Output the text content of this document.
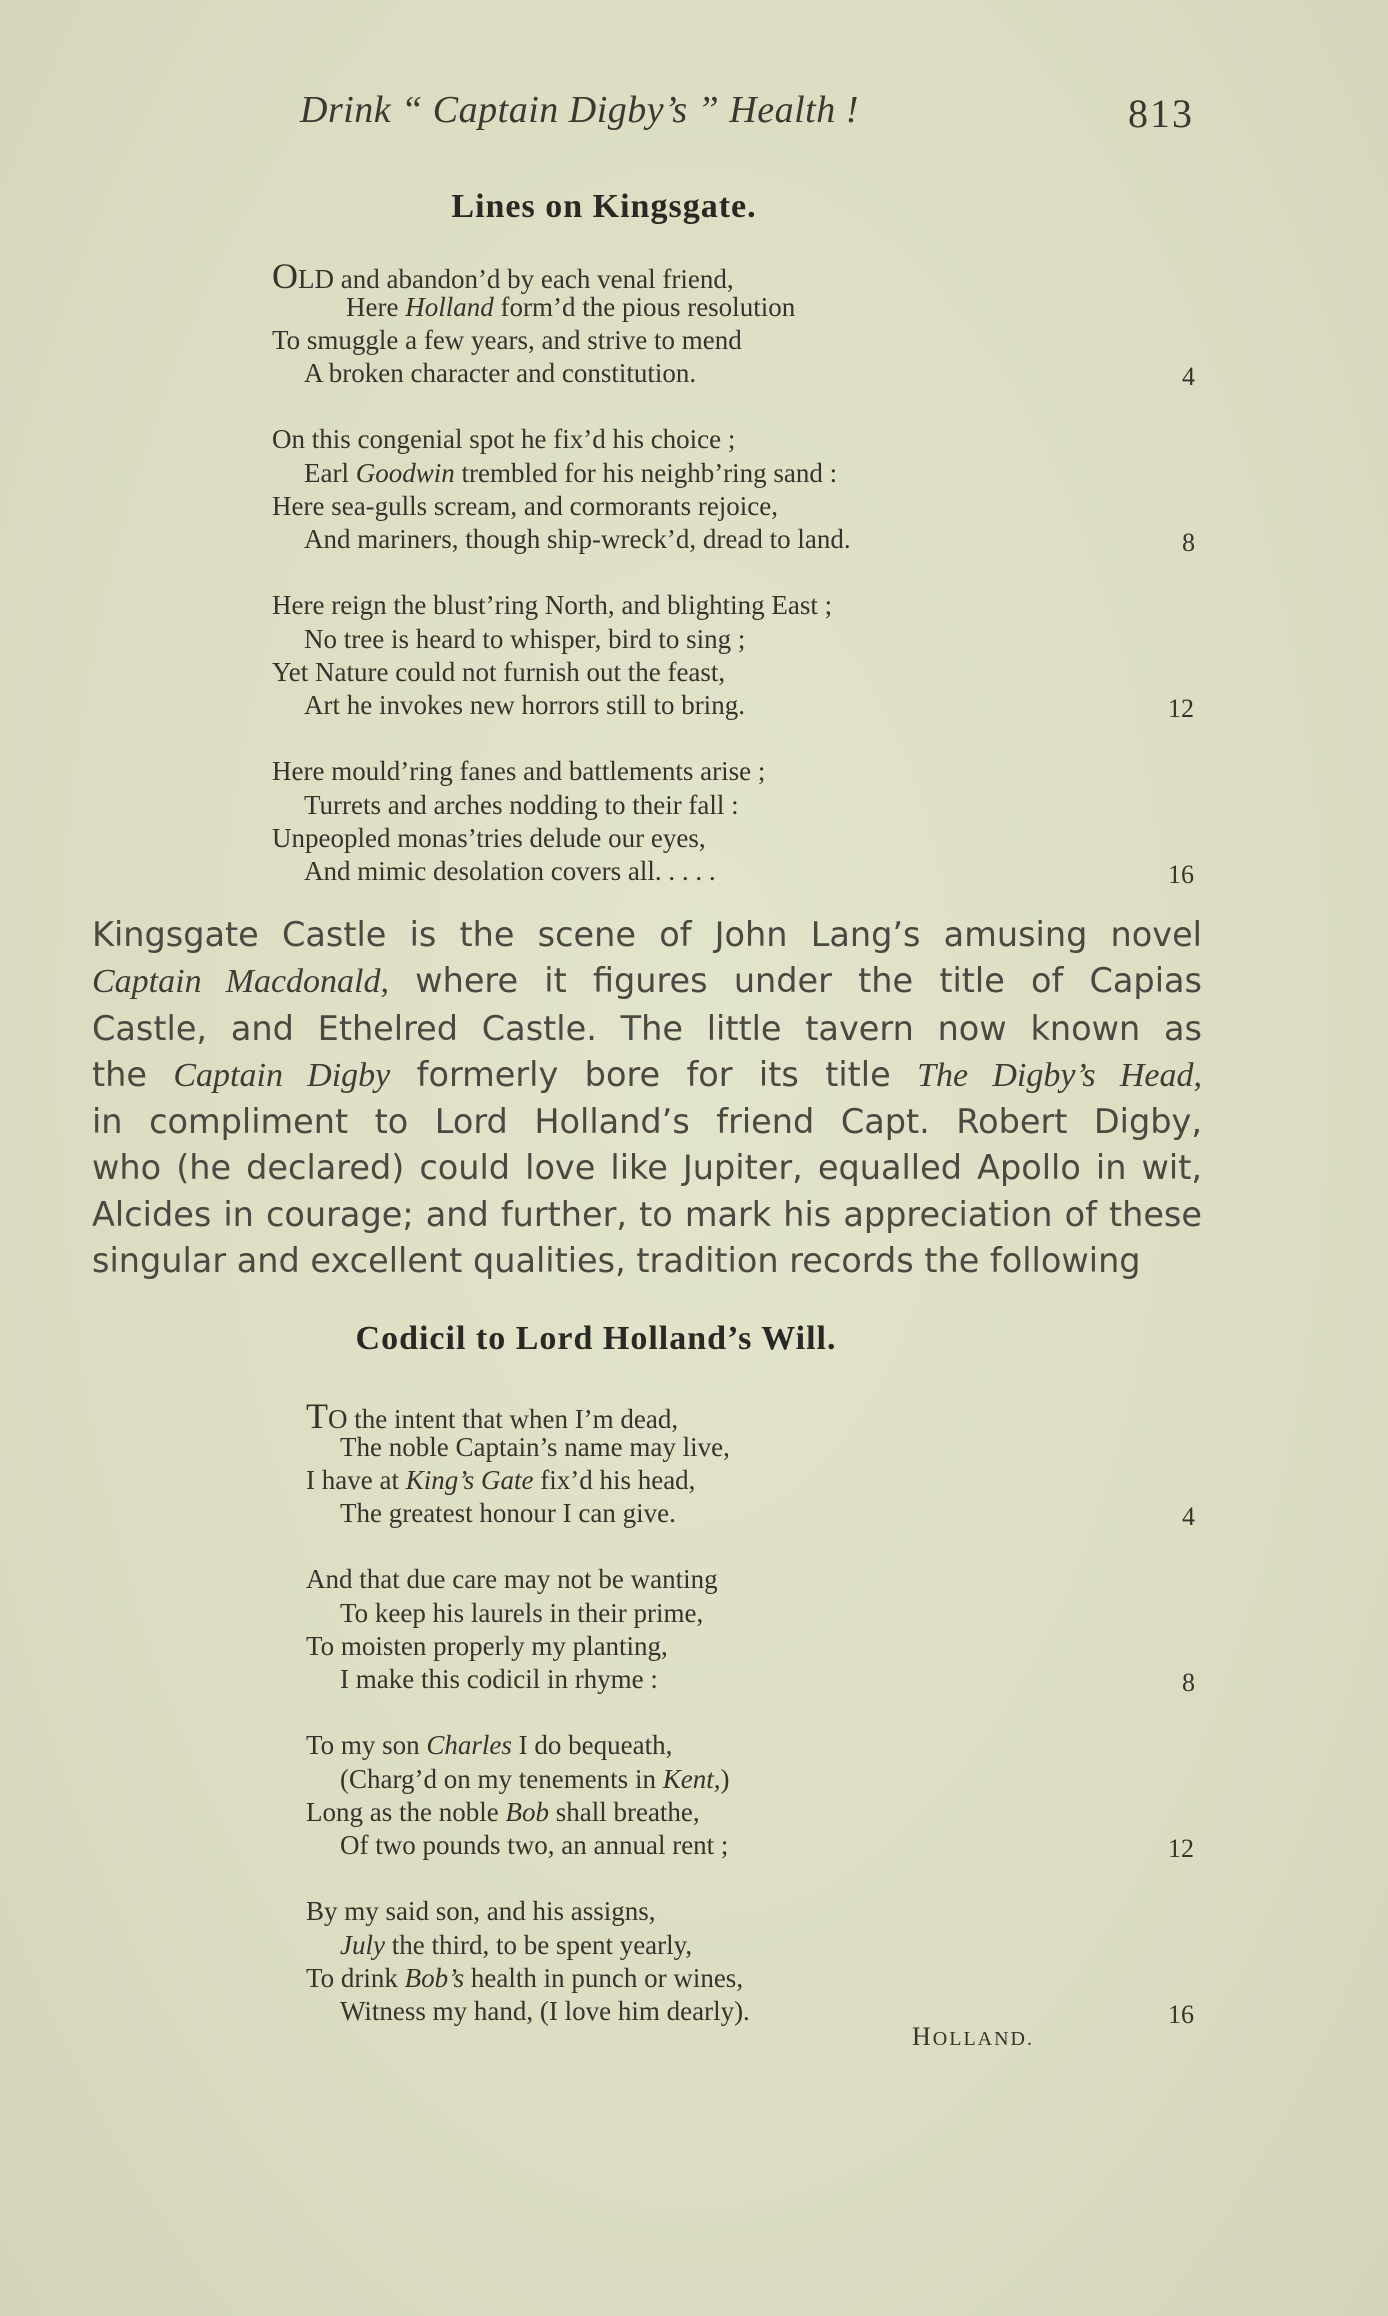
Drink “ Captain Digby’s ” Health !	813
Lines on Kingsgate.
OLD and abandon’d by each venal friend,
Here Holland form’d the pious resolution
To smuggle a few years, and strive to mend
A broken character and constitution.	4
On this congenial spot he fix’d his choice ;
Earl Goodwin trembled for his neighb’ring sand :
Here sea-gulls scream, and cormorants rejoice,
And mariners, though ship-wreck’d, dread to land.	8
Here reign the blust’ring North, and blighting East ;
No tree is heard to whisper, bird to sing ;
Yet Nature could not furnish out the feast,
Art he invokes new horrors still to bring.	12
Here mould’ring fanes and battlements arise ;
Turrets and arches nodding to their fall :
Unpeopled monas’tries delude our eyes,
And mimic desolation covers all. . . . .	16
Kingsgate Castle is the scene of John Lang’s amusing novel
Captain Macdonald, where it figures under the title of Capias
Castle, and Ethelred Castle. The little tavern now known as
the Captain Digby formerly bore for its title The Digby’s Head,
in compliment to Lord Holland’s friend Capt. Robert Digby,
who (he declared) could love like Jupiter, equalled Apollo in wit,
Alcides in courage; and further, to mark his appreciation of these
singular and excellent qualities, tradition records the following
Codicil to Lord Holland’s Will.
TO the intent that when I’m dead,
The noble Captain’s name may live,
I have at King’s Gate fix’d his head,
The greatest honour I can give.	4
And that due care may not be wanting
To keep his laurels in their prime,
To moisten properly my planting,
I make this codicil in rhyme :	8
To my son Charles I do bequeath,
(Charg’d on my tenements in Kent,)
Long as the noble Bob shall breathe,
Of two pounds two, an annual rent ;	12
By my said son, and his assigns,
July the third, to be spent yearly,
To drink Bob’s health in punch or wines,
Witness my hand, (I love him dearly).	16
HOLLAND.
